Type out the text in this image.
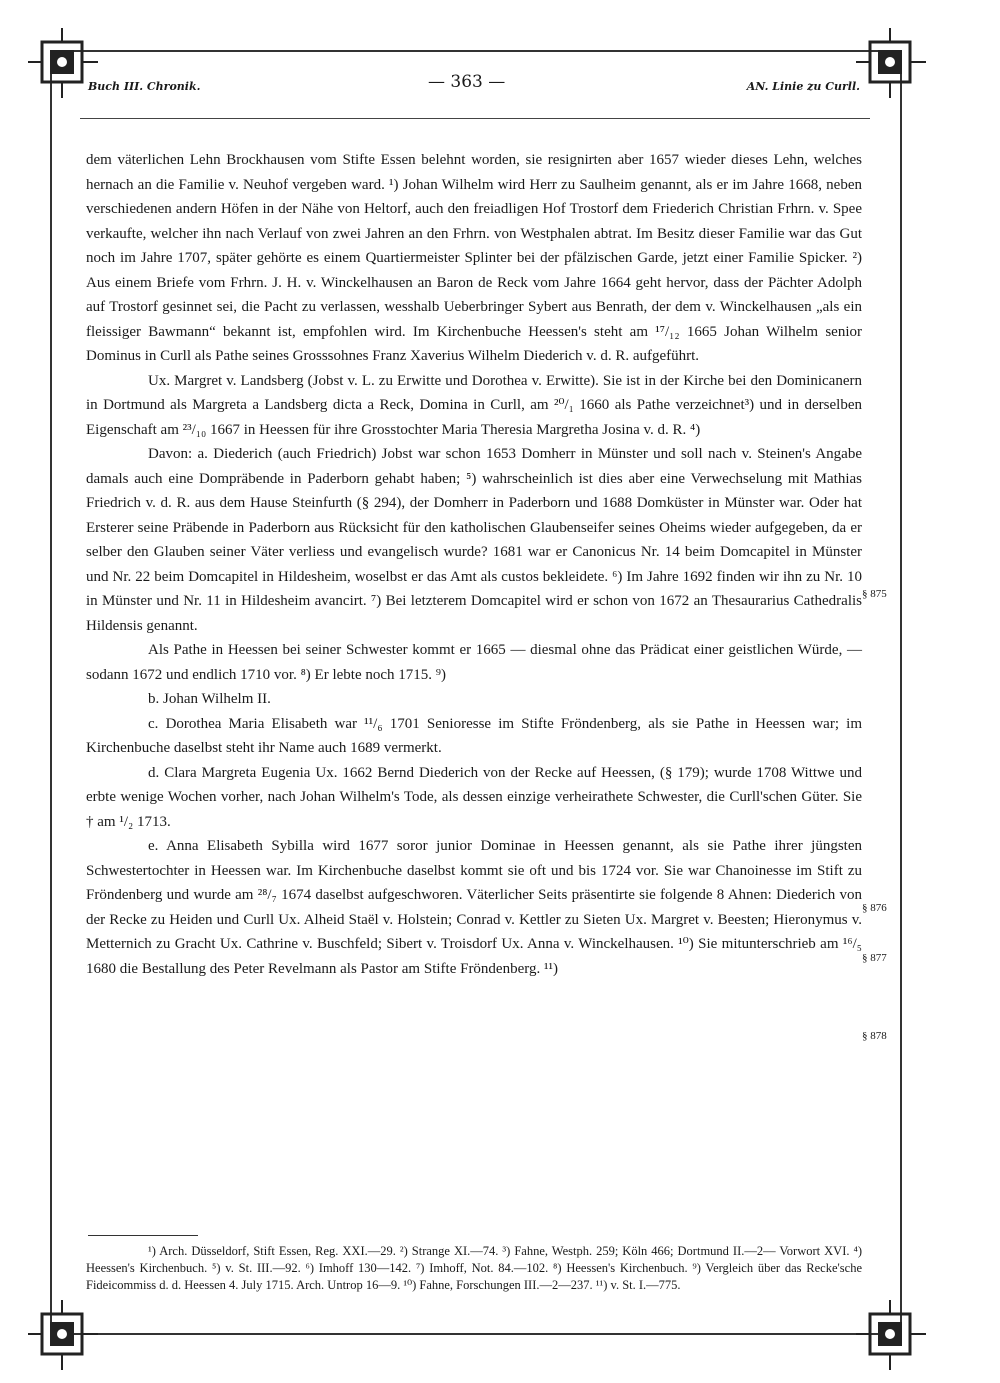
Buch III. Chronik.	— 363 —	AN. Linie zu Curll.

dem väterlichen Lehn Brockhausen vom Stifte Essen belehnt worden, sie resignirten aber 1657 wieder dieses Lehn, welches hernach an die Familie v. Neuhof vergeben ward. ¹) Johan Wilhelm wird Herr zu Saulheim genannt, als er im Jahre 1668, neben verschiedenen andern Höfen in der Nähe von Heltorf, auch den freiadligen Hof Trostorf dem Friederich Christian Frhrn. v. Spee verkaufte, welcher ihn nach Verlauf von zwei Jahren an den Frhrn. von Westphalen abtrat. Im Besitz dieser Familie war das Gut noch im Jahre 1707, später gehörte es einem Quartiermeister Splinter bei der pfälzischen Garde, jetzt einer Familie Spicker. ²) Aus einem Briefe vom Frhrn. J. H. v. Winckelhausen an Baron de Reck vom Jahre 1664 geht hervor, dass der Pächter Adolph auf Trostorf gesinnet sei, die Pacht zu verlassen, wesshalb Ueberbringer Sybert aus Benrath, der dem v. Winckelhausen „als ein fleissiger Bawmann“ bekannt ist, empfohlen wird. Im Kirchenbuche Heessen's steht am ¹⁷/₁₂ 1665 Johan Wilhelm senior Dominus in Curll als Pathe seines Grosssohnes Franz Xaverius Wilhelm Diederich v. d. R. aufgeführt.

Ux. Margret v. Landsberg (Jobst v. L. zu Erwitte und Dorothea v. Erwitte). Sie ist in der Kirche bei den Dominicanern in Dortmund als Margreta a Landsberg dicta a Reck, Domina in Curll, am ²⁰/₁ 1660 als Pathe verzeichnet³) und in derselben Eigenschaft am ²³/₁₀ 1667 in Heessen für ihre Grosstochter Maria Theresia Margretha Josina v. d. R. ⁴)

Davon: a. Diederich (auch Friedrich) Jobst war schon 1653 Domherr in Münster und soll nach v. Steinen's Angabe damals auch eine Dompräbende in Paderborn gehabt haben; ⁵) wahrscheinlich ist dies aber eine Verwechselung mit Mathias Friedrich v. d. R. aus dem Hause Steinfurth (§ 294), der Domherr in Paderborn und 1688 Domküster in Münster war. Oder hat Ersterer seine Präbende in Paderborn aus Rücksicht für den katholischen Glaubenseifer seines Oheims wieder aufgegeben, da er selber den Glauben seiner Väter verliess und evangelisch wurde? 1681 war er Canonicus Nr. 14 beim Domcapitel in Münster und Nr. 22 beim Domcapitel in Hildesheim, woselbst er das Amt als custos bekleidete. ⁶) Im Jahre 1692 finden wir ihn zu Nr. 10 in Münster und Nr. 11 in Hildesheim avancirt. ⁷) Bei letzterem Domcapitel wird er schon von 1672 an Thesaurarius Cathedralis Hildensis genannt.

Als Pathe in Heessen bei seiner Schwester kommt er 1665 — diesmal ohne das Prädicat einer geistlichen Würde, — sodann 1672 und endlich 1710 vor. ⁸) Er lebte noch 1715. ⁹)

b. Johan Wilhelm II.

c. Dorothea Maria Elisabeth war ¹¹/₆ 1701 Senioresse im Stifte Fröndenberg, als sie Pathe in Heessen war; im Kirchenbuche daselbst steht ihr Name auch 1689 vermerkt.

d. Clara Margreta Eugenia Ux. 1662 Bernd Diederich von der Recke auf Heessen, (§ 179); wurde 1708 Wittwe und erbte wenige Wochen vorher, nach Johan Wilhelm's Tode, als dessen einzige verheirathete Schwester, die Curll'schen Güter. Sie † am ¹/₂ 1713.

e. Anna Elisabeth Sybilla wird 1677 soror junior Dominae in Heessen genannt, als sie Pathe ihrer jüngsten Schwestertochter in Heessen war. Im Kirchenbuche daselbst kommt sie oft und bis 1724 vor. Sie war Chanoinesse im Stift zu Fröndenberg und wurde am ²⁸/₇ 1674 daselbst aufgeschworen. Väterlicher Seits präsentirte sie folgende 8 Ahnen: Diederich von der Recke zu Heiden und Curll Ux. Alheid Staël v. Holstein; Conrad v. Kettler zu Sieten Ux. Margret v. Beesten; Hieronymus v. Metternich zu Gracht Ux. Cathrine v. Buschfeld; Sibert v. Troisdorf Ux. Anna v. Winckelhausen. ¹⁰) Sie mitunterschrieb am ¹⁶/₅ 1680 die Bestallung des Peter Revelmann als Pastor am Stifte Fröndenberg. ¹¹)

§ 875
§ 876
§ 877
§ 878

¹) Arch. Düsseldorf, Stift Essen, Reg. XXI.—29. ²) Strange XI.—74. ³) Fahne, Westph. 259; Köln 466; Dortmund II.—2— Vorwort XVI. ⁴) Heessen's Kirchenbuch. ⁵) v. St. III.—92. ⁶) Imhoff 130—142. ⁷) Imhoff, Not. 84.—102. ⁸) Heessen's Kirchenbuch. ⁹) Vergleich über das Recke'sche Fideicommiss d. d. Heessen 4. July 1715. Arch. Untrop 16—9. ¹⁰) Fahne, Forschungen III.—2—237. ¹¹) v. St. I.—775.
